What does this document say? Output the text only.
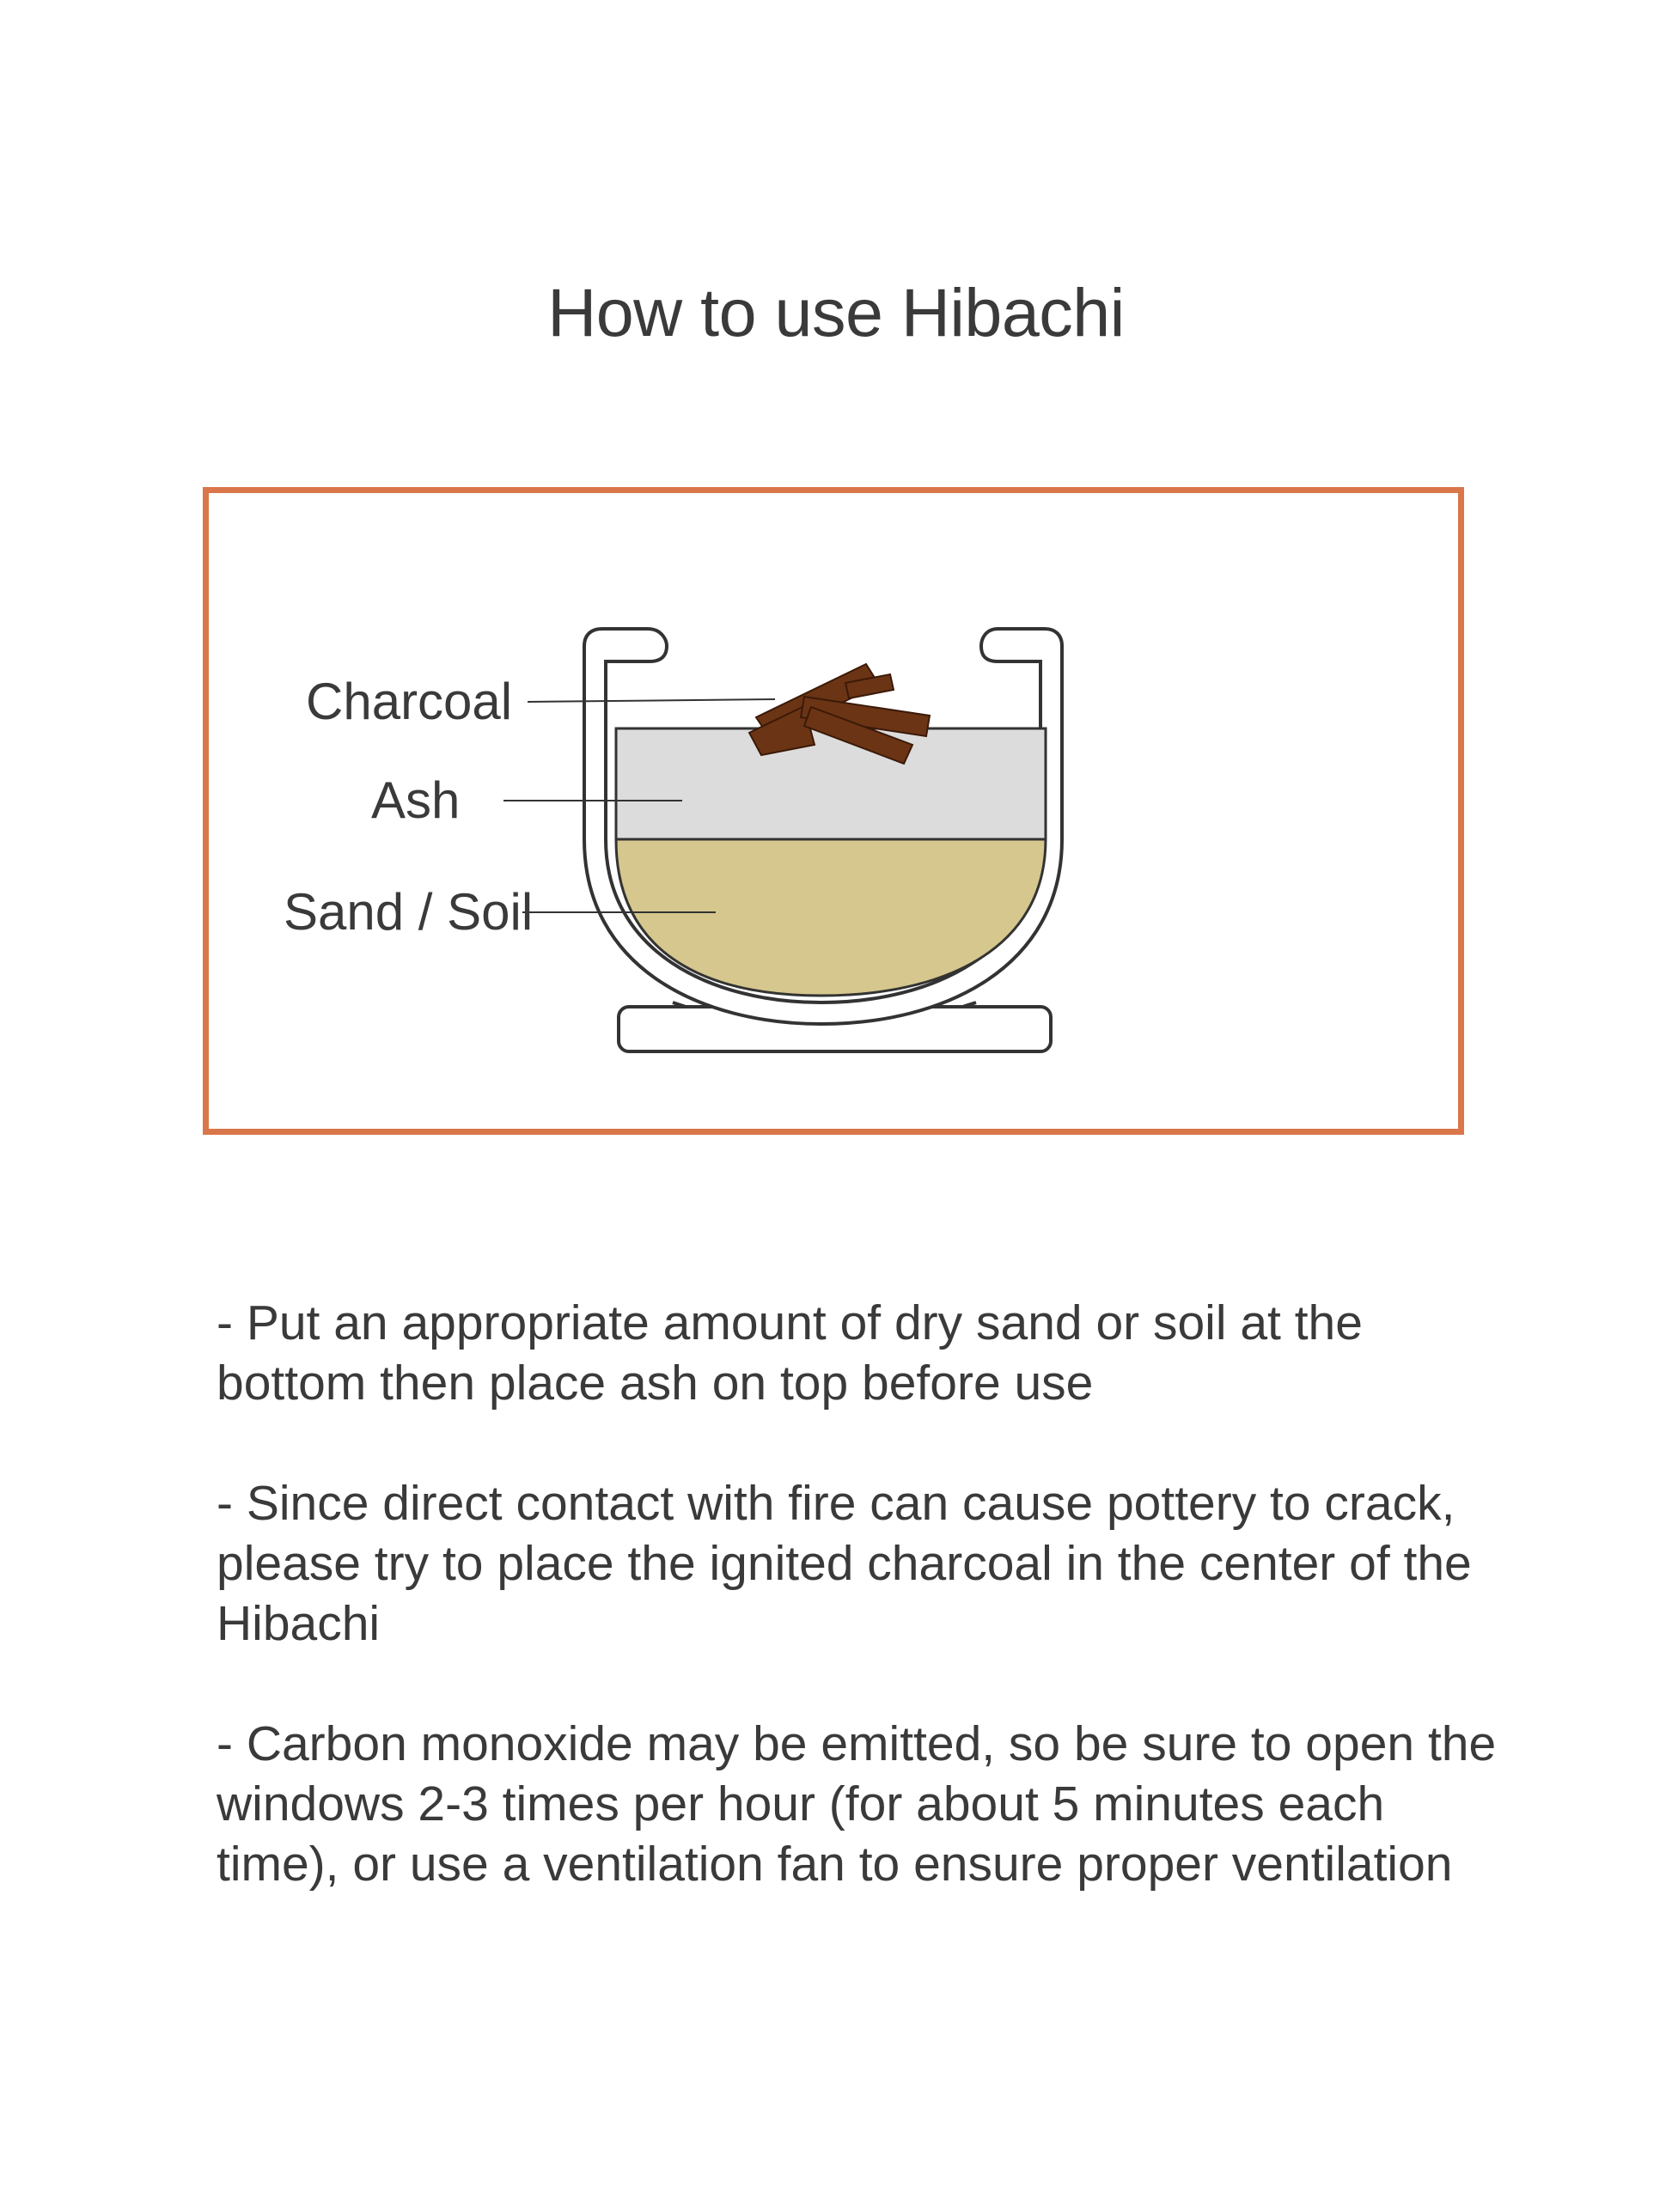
How to use Hibachi
Charcoal
Ash
Sand / Soil

- Put an appropriate amount of dry sand or soil at the bottom then place ash on top before use

- Since direct contact with fire can cause pottery to crack, please try to place the ignited charcoal in the center of the Hibachi

- Carbon monoxide may be emitted, so be sure to open the windows 2-3 times per hour (for about 5 minutes each time), or use a ventilation fan to ensure proper ventilation
